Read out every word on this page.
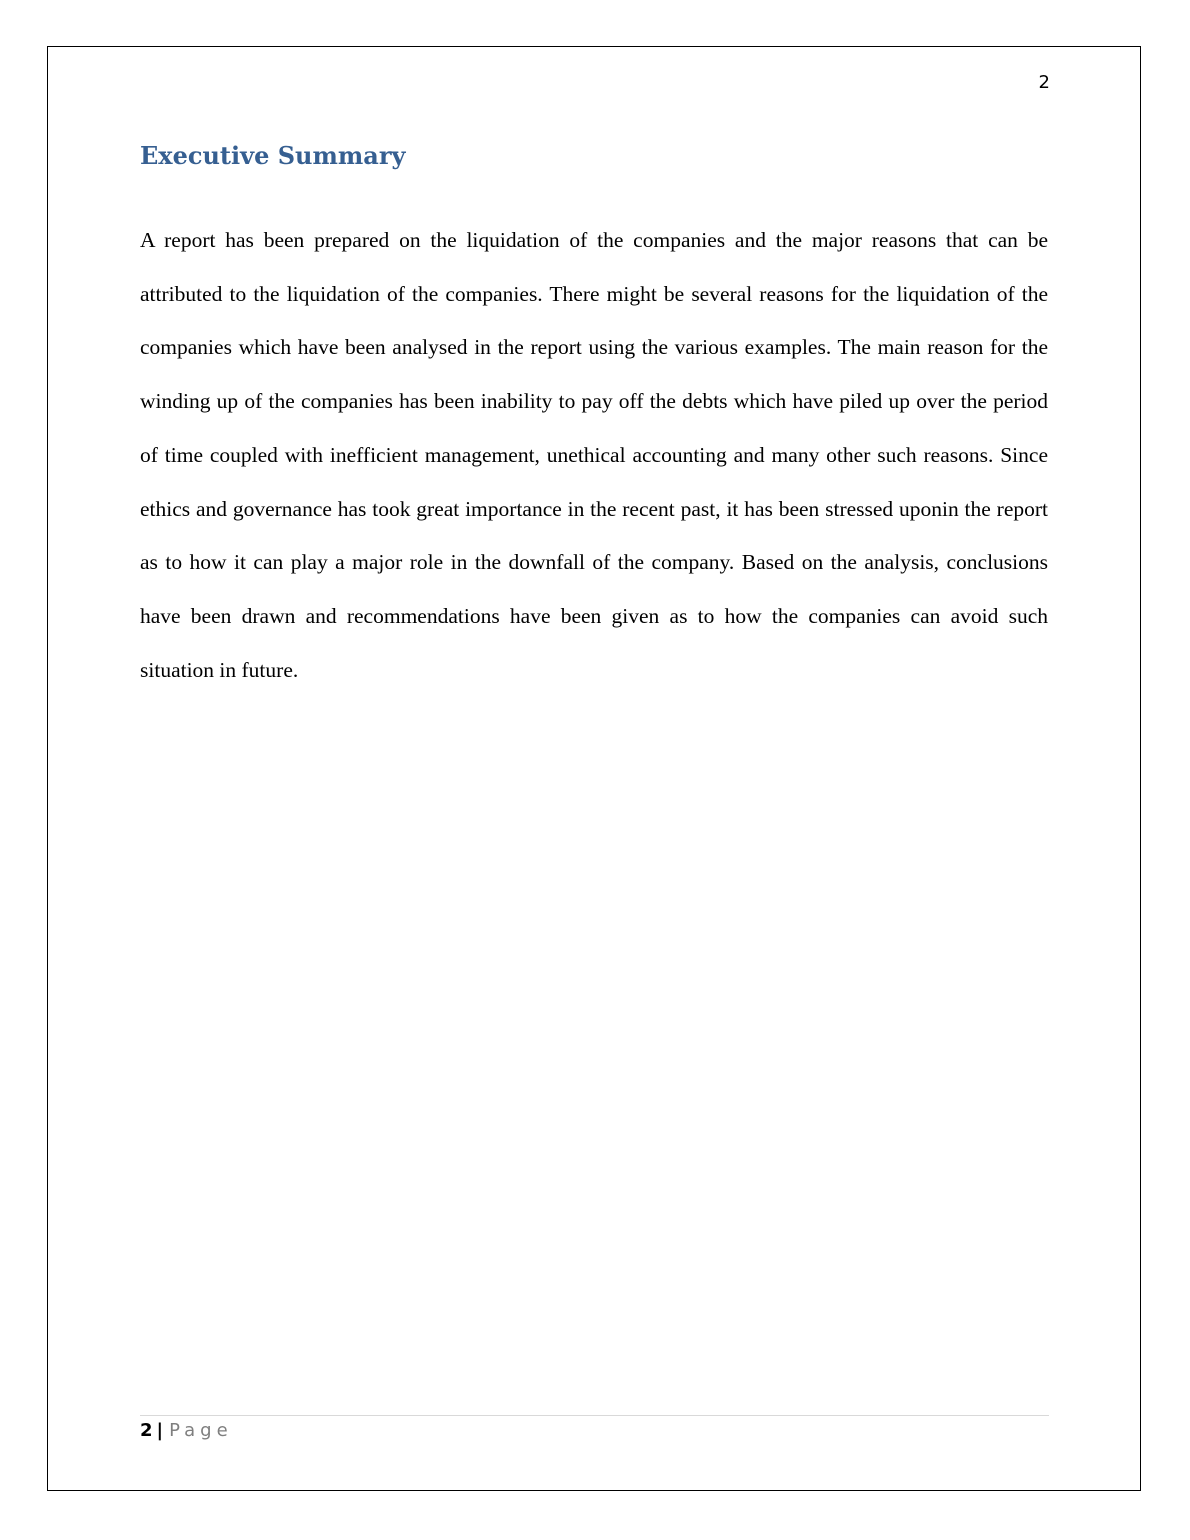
2
Executive Summary

A report has been prepared on the liquidation of the companies and the major reasons that can be attributed to the liquidation of the companies. There might be several reasons for the liquidation of the companies which have been analysed in the report using the various examples. The main reason for the winding up of the companies has been inability to pay off the debts which have piled up over the period of time coupled with inefficient management, unethical accounting and many other such reasons. Since ethics and governance has took great importance in the recent past, it has been stressed uponin the report as to how it can play a major role in the downfall of the company. Based on the analysis, conclusions have been drawn and recommendations have been given as to how the companies can avoid such situation in future.

2 | Page
